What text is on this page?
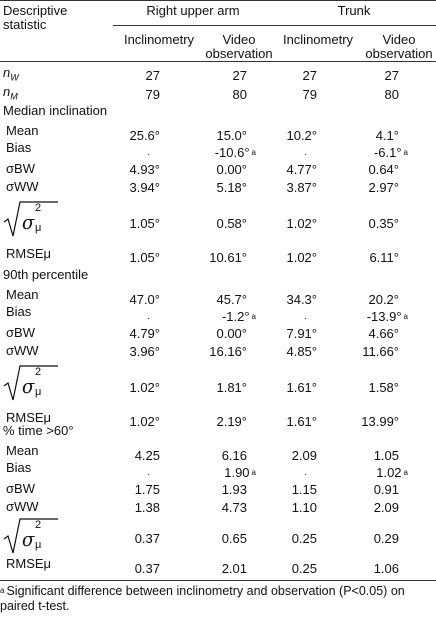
Descriptive
statistic
Right upper arm	Trunk
Inclinometry	Video
observation
Inclinometry	Video
observation
$n_W$	27	27	27	27
$n_M$	79	80	79	80
Median inclination
Mean	25.6°	15.0°	10.2°	4.1°
Bias	.	-10.6° $^a$	.	-6.1° $^a$
σBW	4.93°	0.00°	4.77°	0.64°
σWW	3.94°	5.18°	3.87°	2.97°
σ
2
μ	1.05°	0.58°	1.02°	0.35°
RMSEμ	1.05°	10.61°	1.02°	6.11°
90th percentile
Mean	47.0°	45.7°	34.3°	20.2°
Bias	.	-1.2° $^a$	.	-13.9° $^a$
σBW	4.79°	0.00°	7.91°	4.66°
σWW	3.96°	16.16°	4.85°	11.66°
σ
2
μ	1.02°	1.81°	1.61°	1.58°
RMSEμ	1.02°	2.19°	1.61°	13.99°
% time >60°
Mean	4.25	6.16	2.09	1.05
Bias	.	1.90 $^a$	.	1.02 $^a$
σBW	1.75	1.93	1.15	0.91
σWW	1.38	4.73	1.10	2.09
σ
2
μ	0.37	0.65	0.25	0.29
RMSEμ	0.37	2.01	0.25	1.06
$^a$ Significant difference between inclinometry and observation (P<0.05) on paired t-test.
